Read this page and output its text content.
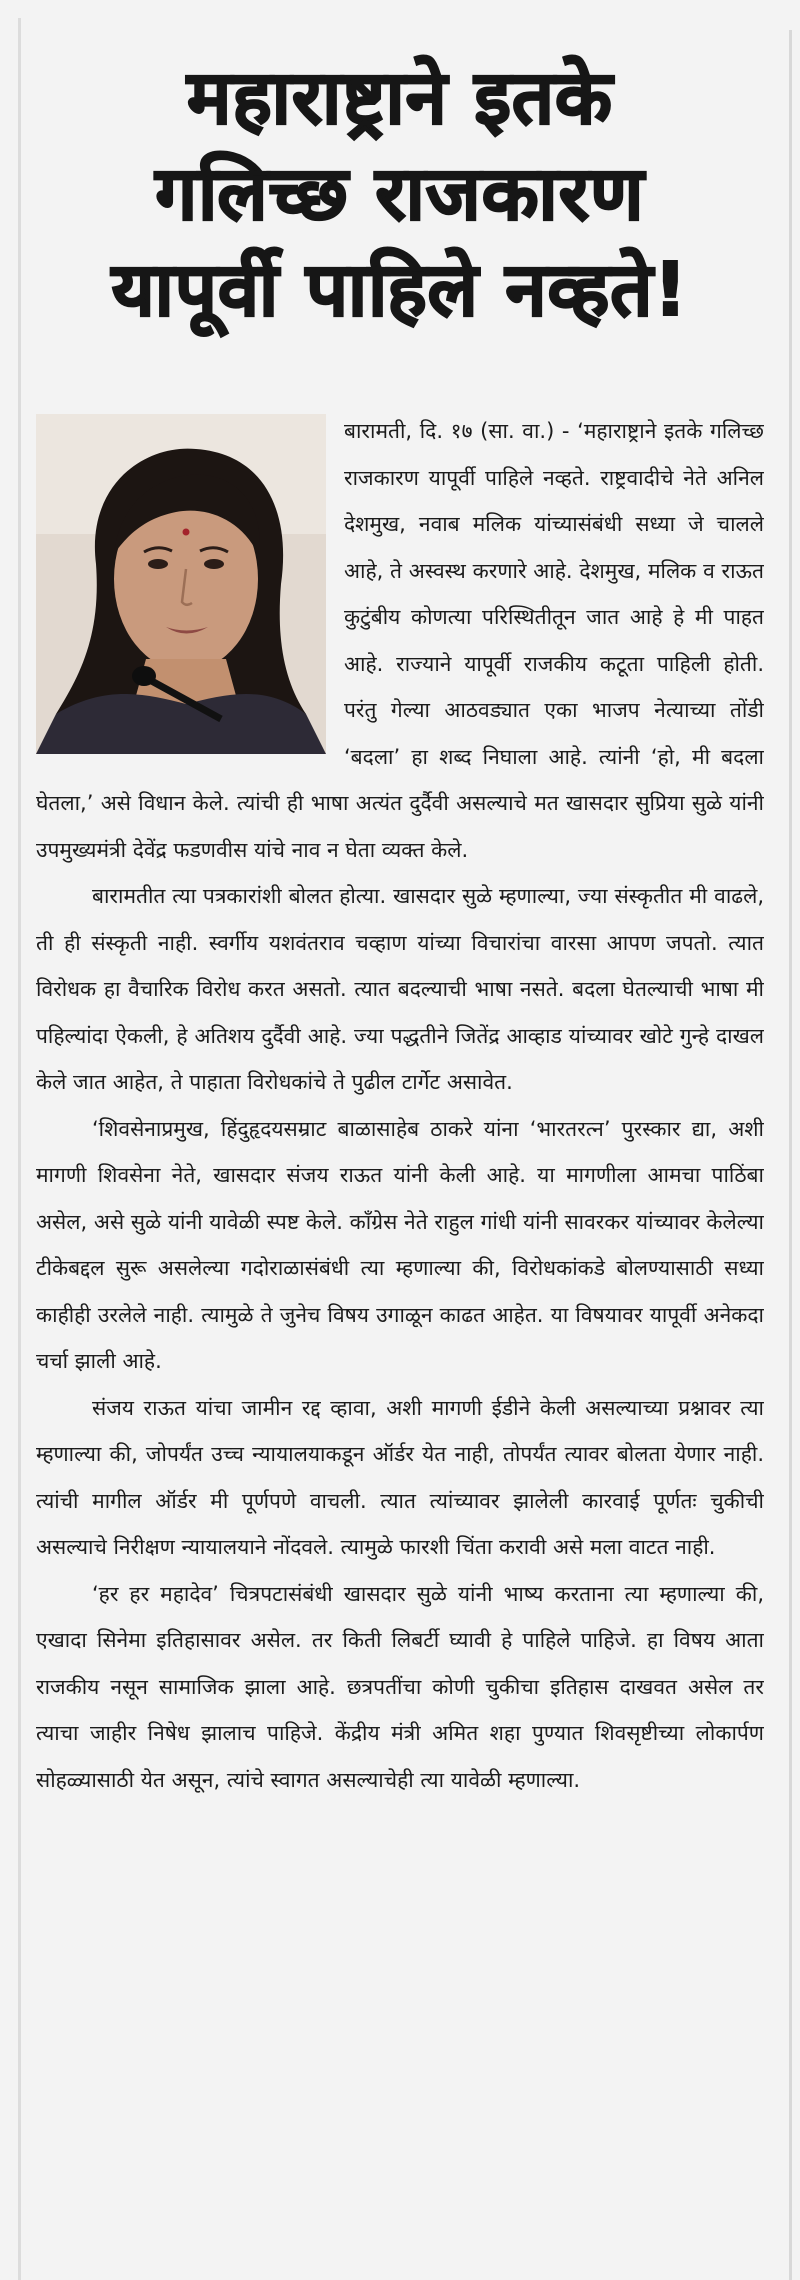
महाराष्ट्राने इतके
गलिच्छ राजकारण
यापूर्वी पाहिले नव्हते!

बारामती, दि. १७ (सा. वा.) - ‘महाराष्ट्राने इतके गलिच्छ राजकारण यापूर्वी पाहिले नव्हते. राष्ट्रवादीचे नेते अनिल देशमुख, नवाब मलिक यांच्यासंबंधी सध्या जे चालले आहे, ते अस्वस्थ करणारे आहे. देशमुख, मलिक व राऊत कुटुंबीय कोणत्या परिस्थितीतून जात आहे हे मी पाहत आहे. राज्याने यापूर्वी राजकीय कटूता पाहिली होती. परंतु गेल्या आठवड्यात एका भाजप नेत्याच्या तोंडी ‘बदला’ हा शब्द निघाला आहे. त्यांनी ‘हो, मी बदला घेतला,’ असे विधान केले. त्यांची ही भाषा अत्यंत दुर्दैवी असल्याचे मत खासदार सुप्रिया सुळे यांनी उपमुख्यमंत्री देवेंद्र फडणवीस यांचे नाव न घेता व्यक्त केले.

बारामतीत त्या पत्रकारांशी बोलत होत्या. खासदार सुळे म्हणाल्या, ज्या संस्कृतीत मी वाढले, ती ही संस्कृती नाही. स्वर्गीय यशवंतराव चव्हाण यांच्या विचारांचा वारसा आपण जपतो. त्यात विरोधक हा वैचारिक विरोध करत असतो. त्यात बदल्याची भाषा नसते. बदला घेतल्याची भाषा मी पहिल्यांदा ऐकली, हे अतिशय दुर्दैवी आहे. ज्या पद्धतीने जितेंद्र आव्हाड यांच्यावर खोटे गुन्हे दाखल केले जात आहेत, ते पाहाता विरोधकांचे ते पुढील टार्गेट असावेत.

‘शिवसेनाप्रमुख, हिंदुहृदयसम्राट बाळासाहेब ठाकरे यांना ‘भारतरत्न’ पुरस्कार द्या, अशी मागणी शिवसेना नेते, खासदार संजय राऊत यांनी केली आहे. या मागणीला आमचा पाठिंबा असेल, असे सुळे यांनी यावेळी स्पष्ट केले. काँग्रेस नेते राहुल गांधी यांनी सावरकर यांच्यावर केलेल्या टीकेबद्दल सुरू असलेल्या गदोराळासंबंधी त्या म्हणाल्या की, विरोधकांकडे बोलण्यासाठी सध्या काहीही उरलेले नाही. त्यामुळे ते जुनेच विषय उगाळून काढत आहेत. या विषयावर यापूर्वी अनेकदा चर्चा झाली आहे.

संजय राऊत यांचा जामीन रद्द व्हावा, अशी मागणी ईडीने केली असल्याच्या प्रश्नावर त्या म्हणाल्या की, जोपर्यंत उच्च न्यायालयाकडून ऑर्डर येत नाही, तोपर्यंत त्यावर बोलता येणार नाही. त्यांची मागील ऑर्डर मी पूर्णपणे वाचली. त्यात त्यांच्यावर झालेली कारवाई पूर्णतः चुकीची असल्याचे निरीक्षण न्यायालयाने नोंदवले. त्यामुळे फारशी चिंता करावी असे मला वाटत नाही.

‘हर हर महादेव’ चित्रपटासंबंधी खासदार सुळे यांनी भाष्य करताना त्या म्हणाल्या की, एखादा सिनेमा इतिहासावर असेल. तर किती लिबर्टी घ्यावी हे पाहिले पाहिजे. हा विषय आता राजकीय नसून सामाजिक झाला आहे. छत्रपतींचा कोणी चुकीचा इतिहास दाखवत असेल तर त्याचा जाहीर निषेध झालाच पाहिजे. केंद्रीय मंत्री अमित शहा पुण्यात शिवसृष्टीच्या लोकार्पण सोहळ्यासाठी येत असून, त्यांचे स्वागत असल्याचेही त्या यावेळी म्हणाल्या.
